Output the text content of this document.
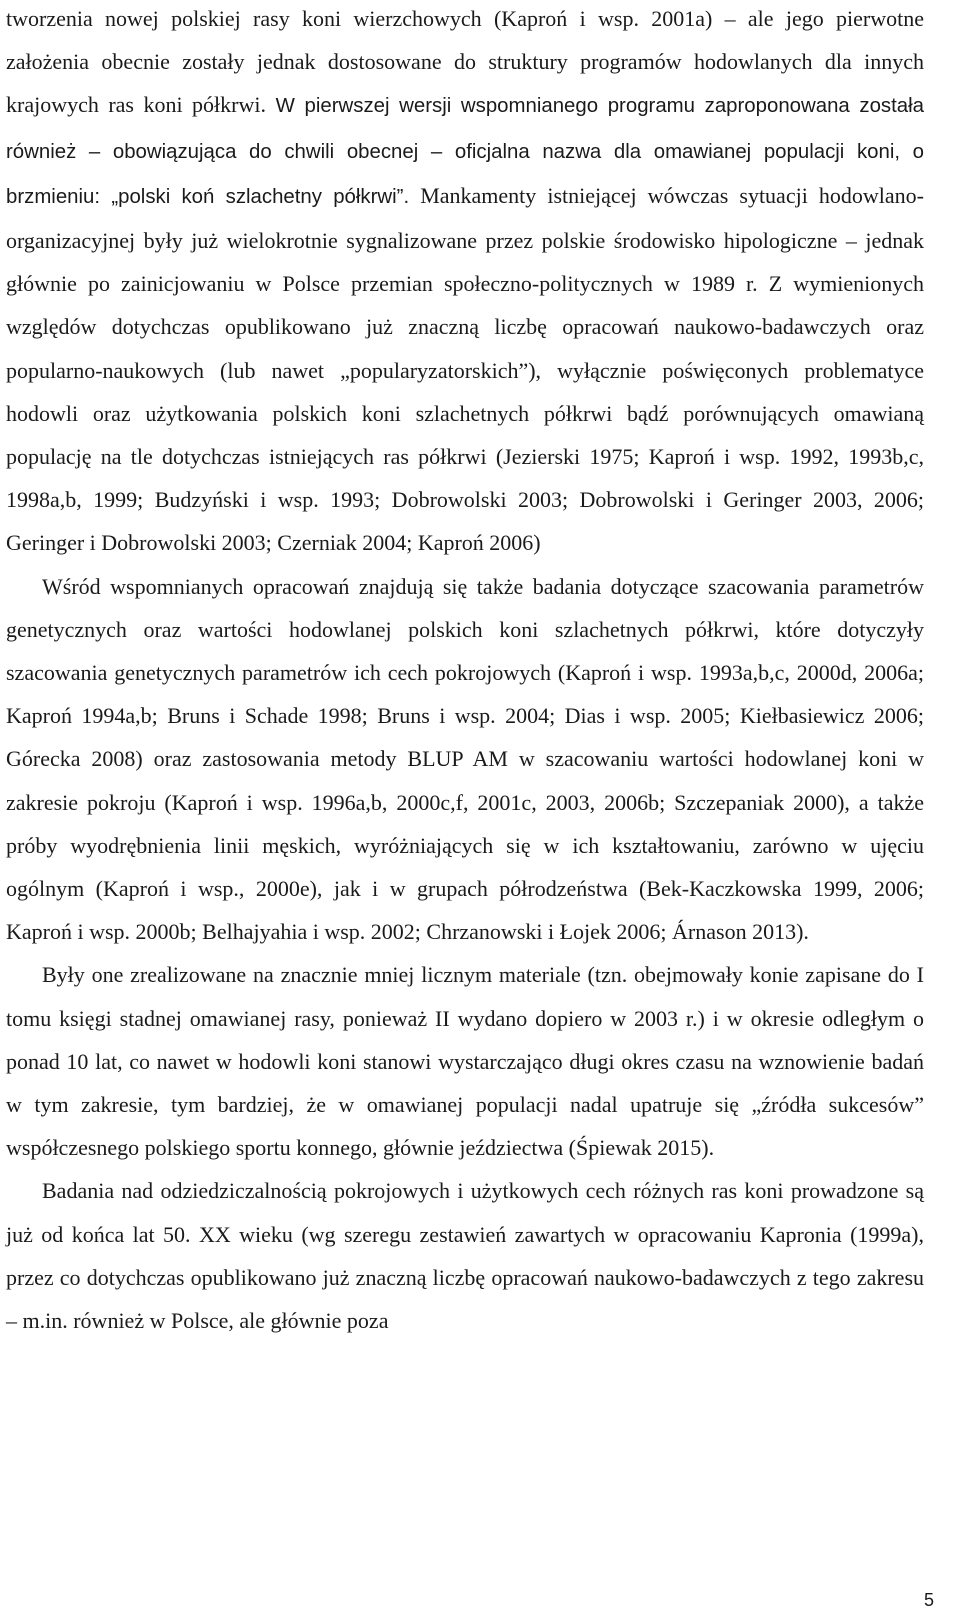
tworzenia nowej polskiej rasy koni wierzchowych (Kaproń i wsp. 2001a) – ale jego pierwotne założenia obecnie zostały jednak dostosowane do struktury programów hodowlanych dla innych krajowych ras koni półkrwi. W pierwszej wersji wspomnianego programu zaproponowana została również – obowiązująca do chwili obecnej – oficjalna nazwa dla omawianej populacji koni, o brzmieniu: „polski koń szlachetny półkrwi”. Mankamenty istniejącej wówczas sytuacji hodowlano-organizacyjnej były już wielokrotnie sygnalizowane przez polskie środowisko hipologiczne – jednak głównie po zainicjowaniu w Polsce przemian społeczno-politycznych w 1989 r. Z wymienionych względów dotychczas opublikowano już znaczną liczbę opracowań naukowo-badawczych oraz popularno-naukowych (lub nawet „popularyzatorskich”), wyłącznie poświęconych problematyce hodowli oraz użytkowania polskich koni szlachetnych półkrwi bądź porównujących omawianą populację na tle dotychczas istniejących ras półkrwi (Jezierski 1975; Kaproń i wsp. 1992, 1993b,c, 1998a,b, 1999; Budzyński i wsp. 1993; Dobrowolski 2003; Dobrowolski i Geringer 2003, 2006; Geringer i Dobrowolski 2003; Czerniak 2004; Kaproń 2006)

Wśród wspomnianych opracowań znajdują się także badania dotyczące szacowania parametrów genetycznych oraz wartości hodowlanej polskich koni szlachetnych półkrwi, które dotyczyły szacowania genetycznych parametrów ich cech pokrojowych (Kaproń i wsp. 1993a,b,c, 2000d, 2006a; Kaproń 1994a,b; Bruns i Schade 1998; Bruns i wsp. 2004; Dias i wsp. 2005; Kiełbasiewicz 2006; Górecka 2008) oraz zastosowania metody BLUP AM w szacowaniu wartości hodowlanej koni w zakresie pokroju (Kaproń i wsp. 1996a,b, 2000c,f, 2001c, 2003, 2006b; Szczepaniak 2000), a także próby wyodrębnienia linii męskich, wyróżniających się w ich kształtowaniu, zarówno w ujęciu ogólnym (Kaproń i wsp., 2000e), jak i w grupach półrodzeństwa (Bek-Kaczkowska 1999, 2006; Kaproń i wsp. 2000b; Belhajyahia i wsp. 2002; Chrzanowski i Łojek 2006; Árnason 2013).

Były one zrealizowane na znacznie mniej licznym materiale (tzn. obejmowały konie zapisane do I tomu księgi stadnej omawianej rasy, ponieważ II wydano dopiero w 2003 r.) i w okresie odległym o ponad 10 lat, co nawet w hodowli koni stanowi wystarczająco długi okres czasu na wznowienie badań w tym zakresie, tym bardziej, że w omawianej populacji nadal upatruje się „źródła sukcesów” współczesnego polskiego sportu konnego, głównie jeździectwa (Śpiewak 2015).

Badania nad odziedziczalnością pokrojowych i użytkowych cech różnych ras koni prowadzone są już od końca lat 50. XX wieku (wg szeregu zestawień zawartych w opracowaniu Kapronia (1999a), przez co dotychczas opublikowano już znaczną liczbę opracowań naukowo-badawczych z tego zakresu – m.in. również w Polsce, ale głównie poza

5
